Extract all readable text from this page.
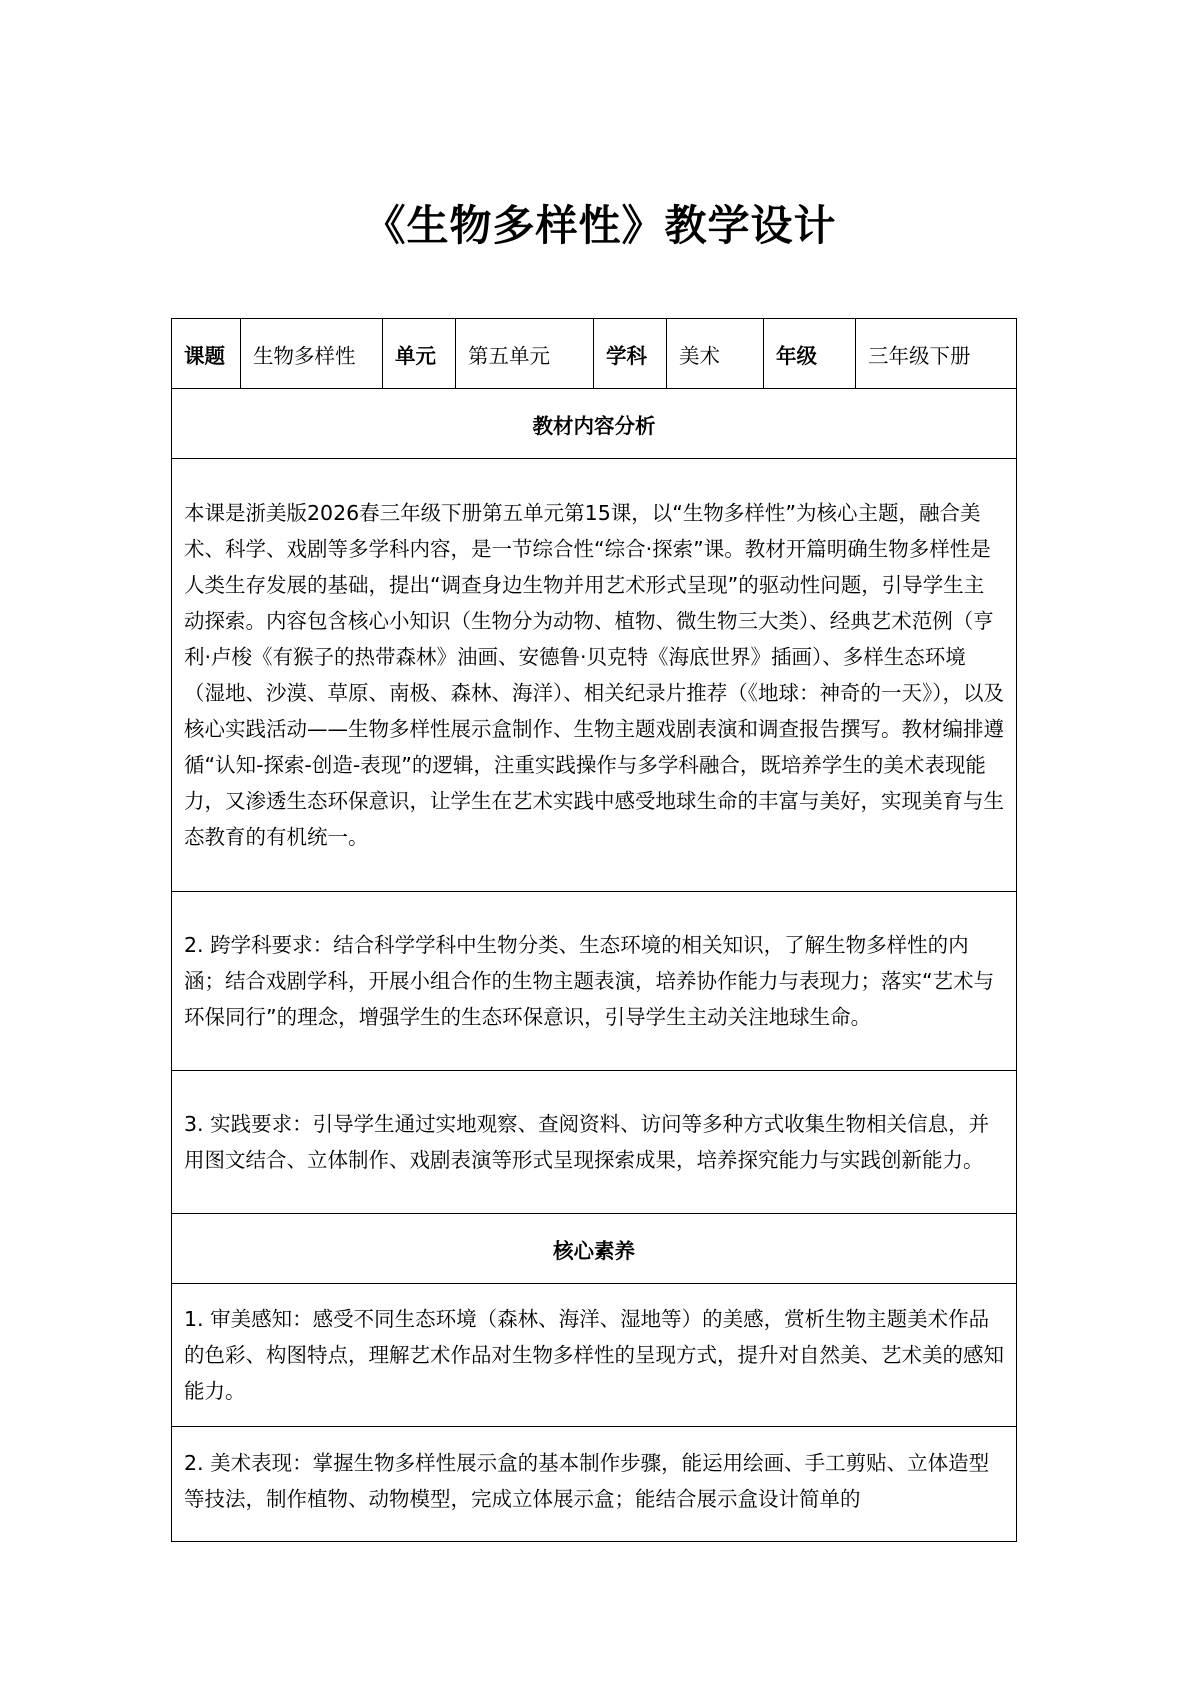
《生物多样性》教学设计
课题	生物多样性	单元	第五单元	学科	美术	年级	三年级下册
教材内容分析
本课是浙美版2026春三年级下册第五单元第15课，以“生物多样性”为核心主题，融合美术、科学、戏剧等多学科内容，是一节综合性“综合·探索”课。教材开篇明确生物多样性是人类生存发展的基础，提出“调查身边生物并用艺术形式呈现”的驱动性问题，引导学生主动探索。内容包含核心小知识（生物分为动物、植物、微生物三大类）、经典艺术范例（亨利·卢梭《有猴子的热带森林》油画、安德鲁·贝克特《海底世界》插画）、多样生态环境（湿地、沙漠、草原、南极、森林、海洋）、相关纪录片推荐（《地球：神奇的一天》），以及核心实践活动——生物多样性展示盒制作、生物主题戏剧表演和调查报告撰写。教材编排遵循“认知-探索-创造-表现”的逻辑，注重实践操作与多学科融合，既培养学生的美术表现能力，又渗透生态环保意识，让学生在艺术实践中感受地球生命的丰富与美好，实现美育与生态教育的有机统一。
2. 跨学科要求：结合科学学科中生物分类、生态环境的相关知识，了解生物多样性的内涵；结合戏剧学科，开展小组合作的生物主题表演，培养协作能力与表现力；落实“艺术与环保同行”的理念，增强学生的生态环保意识，引导学生主动关注地球生命。
3. 实践要求：引导学生通过实地观察、查阅资料、访问等多种方式收集生物相关信息，并用图文结合、立体制作、戏剧表演等形式呈现探索成果，培养探究能力与实践创新能力。
核心素养
1. 审美感知：感受不同生态环境（森林、海洋、湿地等）的美感，赏析生物主题美术作品的色彩、构图特点，理解艺术作品对生物多样性的呈现方式，提升对自然美、艺术美的感知能力。
2. 美术表现：掌握生物多样性展示盒的基本制作步骤，能运用绘画、手工剪贴、立体造型等技法，制作植物、动物模型，完成立体展示盒；能结合展示盒设计简单的
